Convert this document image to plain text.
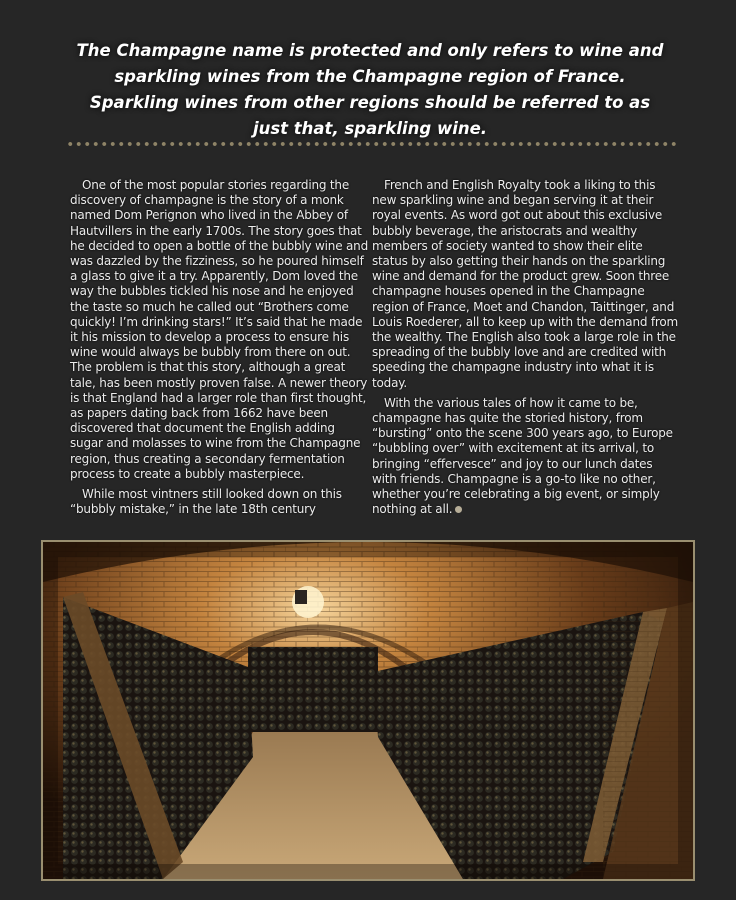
The Champagne name is protected and only refers to wine and sparkling wines from the Champagne region of France. Sparkling wines from other regions should be referred to as just that, sparkling wine.

One of the most popular stories regarding the discovery of champagne is the story of a monk named Dom Perignon who lived in the Abbey of Hautvillers in the early 1700s. The story goes that he decided to open a bottle of the bubbly wine and was dazzled by the fizziness, so he poured himself a glass to give it a try. Apparently, Dom loved the way the bubbles tickled his nose and he enjoyed the taste so much he called out “Brothers come quickly! I’m drinking stars!” It’s said that he made it his mission to develop a process to ensure his wine would always be bubbly from there on out. The problem is that this story, although a great tale, has been mostly proven false. A newer theory is that England had a larger role than first thought, as papers dating back from 1662 have been discovered that document the English adding sugar and molasses to wine from the Champagne region, thus creating a secondary fermentation process to create a bubbly masterpiece.

While most vintners still looked down on this “bubbly mistake,” in the late 18th century

French and English Royalty took a liking to this new sparkling wine and began serving it at their royal events. As word got out about this exclusive bubbly beverage, the aristocrats and wealthy members of society wanted to show their elite status by also getting their hands on the sparkling wine and demand for the product grew. Soon three champagne houses opened in the Champagne region of France, Moet and Chandon, Taittinger, and Louis Roederer, all to keep up with the demand from the wealthy. The English also took a large role in the spreading of the bubbly love and are credited with speeding the champagne industry into what it is today.

With the various tales of how it came to be, champagne has quite the storied history, from “bursting” onto the scene 300 years ago, to Europe “bubbling over” with excitement at its arrival, to bringing “effervesce” and joy to our lunch dates with friends. Champagne is a go-to like no other, whether you’re celebrating a big event, or simply nothing at all.
